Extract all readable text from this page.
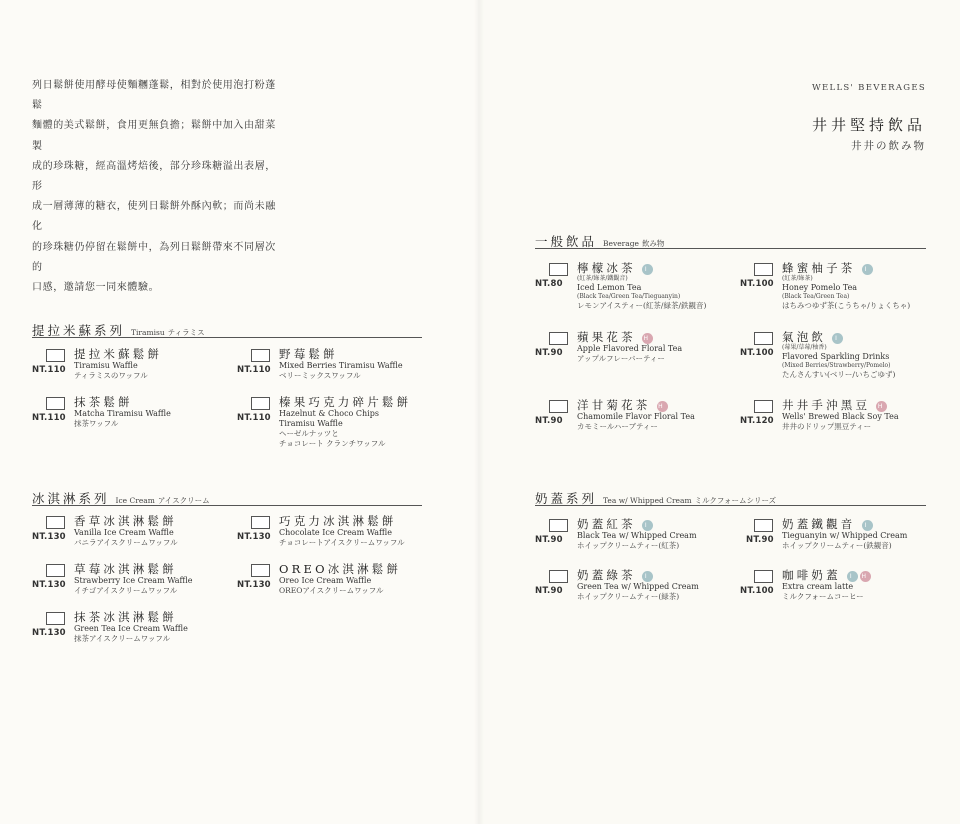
列日鬆餅使用酵母使麵糰蓬鬆，相對於使用泡打粉蓬鬆
麵體的美式鬆餅，食用更無負擔；鬆餅中加入由甜菜製
成的珍珠糖，經高溫烤焙後，部分珍珠糖溢出表層，形
成一層薄薄的糖衣，使列日鬆餅外酥內軟；而尚未融化
的珍珠糖仍停留在鬆餅中，為列日鬆餅帶來不同層次的
口感，邀請您一同來體驗。
WELLS' BEVERAGES
井井堅持飲品
井井の飲み物
提拉米蘇系列 Tiramisu ティラミス
NT.110
提拉米蘇鬆餅
Tiramisu Waffle
ティラミスのワッフル
NT.110
野莓鬆餅
Mixed Berries Tiramisu Waffle
ベリーミックスワッフル
NT.110
抹茶鬆餅
Matcha Tiramisu Waffle
抹茶ワッフル
NT.110
榛果巧克力碎片鬆餅
Hazelnut & Choco Chips
Tiramisu Waffle
ヘーゼルナッツと
チョコレート クランチワッフル
冰淇淋系列 Ice Cream アイスクリーム
NT.130
香草冰淇淋鬆餅
Vanilla Ice Cream Waffle
バニラアイスクリームワッフル
NT.130
巧克力冰淇淋鬆餅
Chocolate Ice Cream Waffle
チョコレートアイスクリームワッフル
NT.130
草莓冰淇淋鬆餅
Strawberry Ice Cream Waffle
イチゴアイスクリームワッフル
NT.130
OREO冰淇淋鬆餅
Oreo Ice Cream Waffle
OREOアイスクリームワッフル
NT.130
抹茶冰淇淋鬆餅
Green Tea Ice Cream Waffle
抹茶アイスクリームワッフル
一般飲品 Beverage 飲み物
NT.80
檸檬冰茶 I
(紅茶/綠茶/鐵觀音)
Iced Lemon Tea
(Black Tea/Green Tea/Tieguanyin)
レモンアイスティー(紅茶/緑茶/鉄観音)
NT.100
蜂蜜柚子茶 I
(紅茶/綠茶)
Honey Pomelo Tea
(Black Tea/Green Tea)
はちみつゆず茶(こうちゃ/りょくちゃ)
NT.90
蘋果花茶 H
Apple Flavored Floral Tea
アップルフレーバーティー
NT.100
氣泡飲 I
(莓果/草莓/柚香)
Flavored Sparkling Drinks
(Mixed Berries/Strawberry/Pomelo)
たんさんすい(ベリー/いちごゆず)
NT.90
洋甘菊花茶 H
Chamomile Flavor Floral Tea
カモミールハーブティー
NT.120
井井手沖黑豆 H
Wells' Brewed Black Soy Tea
井井のドリップ黒豆ティー
奶蓋系列 Tea w/ Whipped Cream ミルクフォームシリーズ
NT.90
奶蓋紅茶 I
Black Tea w/ Whipped Cream
ホイップクリームティー(紅茶)
NT.90
奶蓋鐵觀音 I
Tieguanyin w/ Whipped Cream
ホイップクリームティー(鉄観音)
NT.90
奶蓋綠茶 I
Green Tea w/ Whipped Cream
ホイップクリームティー(緑茶)
NT.100
咖啡奶蓋 I H
Extra cream latte
ミルクフォームコーヒー
